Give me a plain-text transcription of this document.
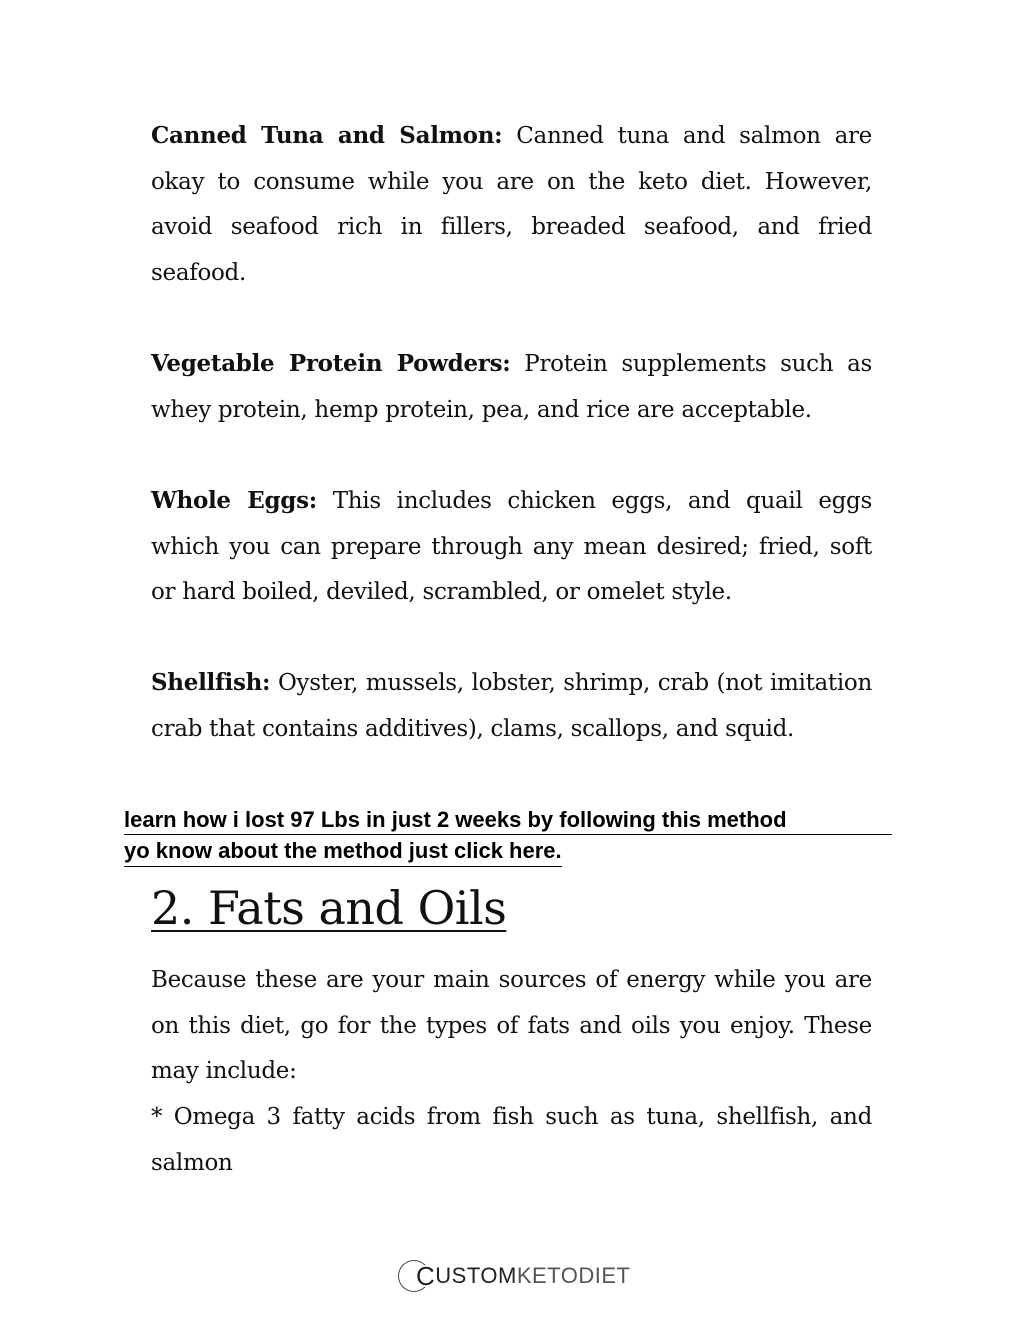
Canned Tuna and Salmon: Canned tuna and salmon are okay to consume while you are on the keto diet. However, avoid seafood rich in fillers, breaded seafood, and fried seafood.

Vegetable Protein Powders: Protein supplements such as whey protein, hemp protein, pea, and rice are acceptable.

Whole Eggs: This includes chicken eggs, and quail eggs which you can prepare through any mean desired; fried, soft or hard boiled, deviled, scrambled, or omelet style.

Shellfish: Oyster, mussels, lobster, shrimp, crab (not imitation crab that contains additives), clams, scallops, and squid.

learn how i lost 97 Lbs in just 2 weeks by following this method
yo know about the method just click here.
2. Fats and Oils

Because these are your main sources of energy while you are on this diet, go for the types of fats and oils you enjoy. These may include:

* Omega 3 fatty acids from fish such as tuna, shellfish, and salmon

C USTOM KETODIET
